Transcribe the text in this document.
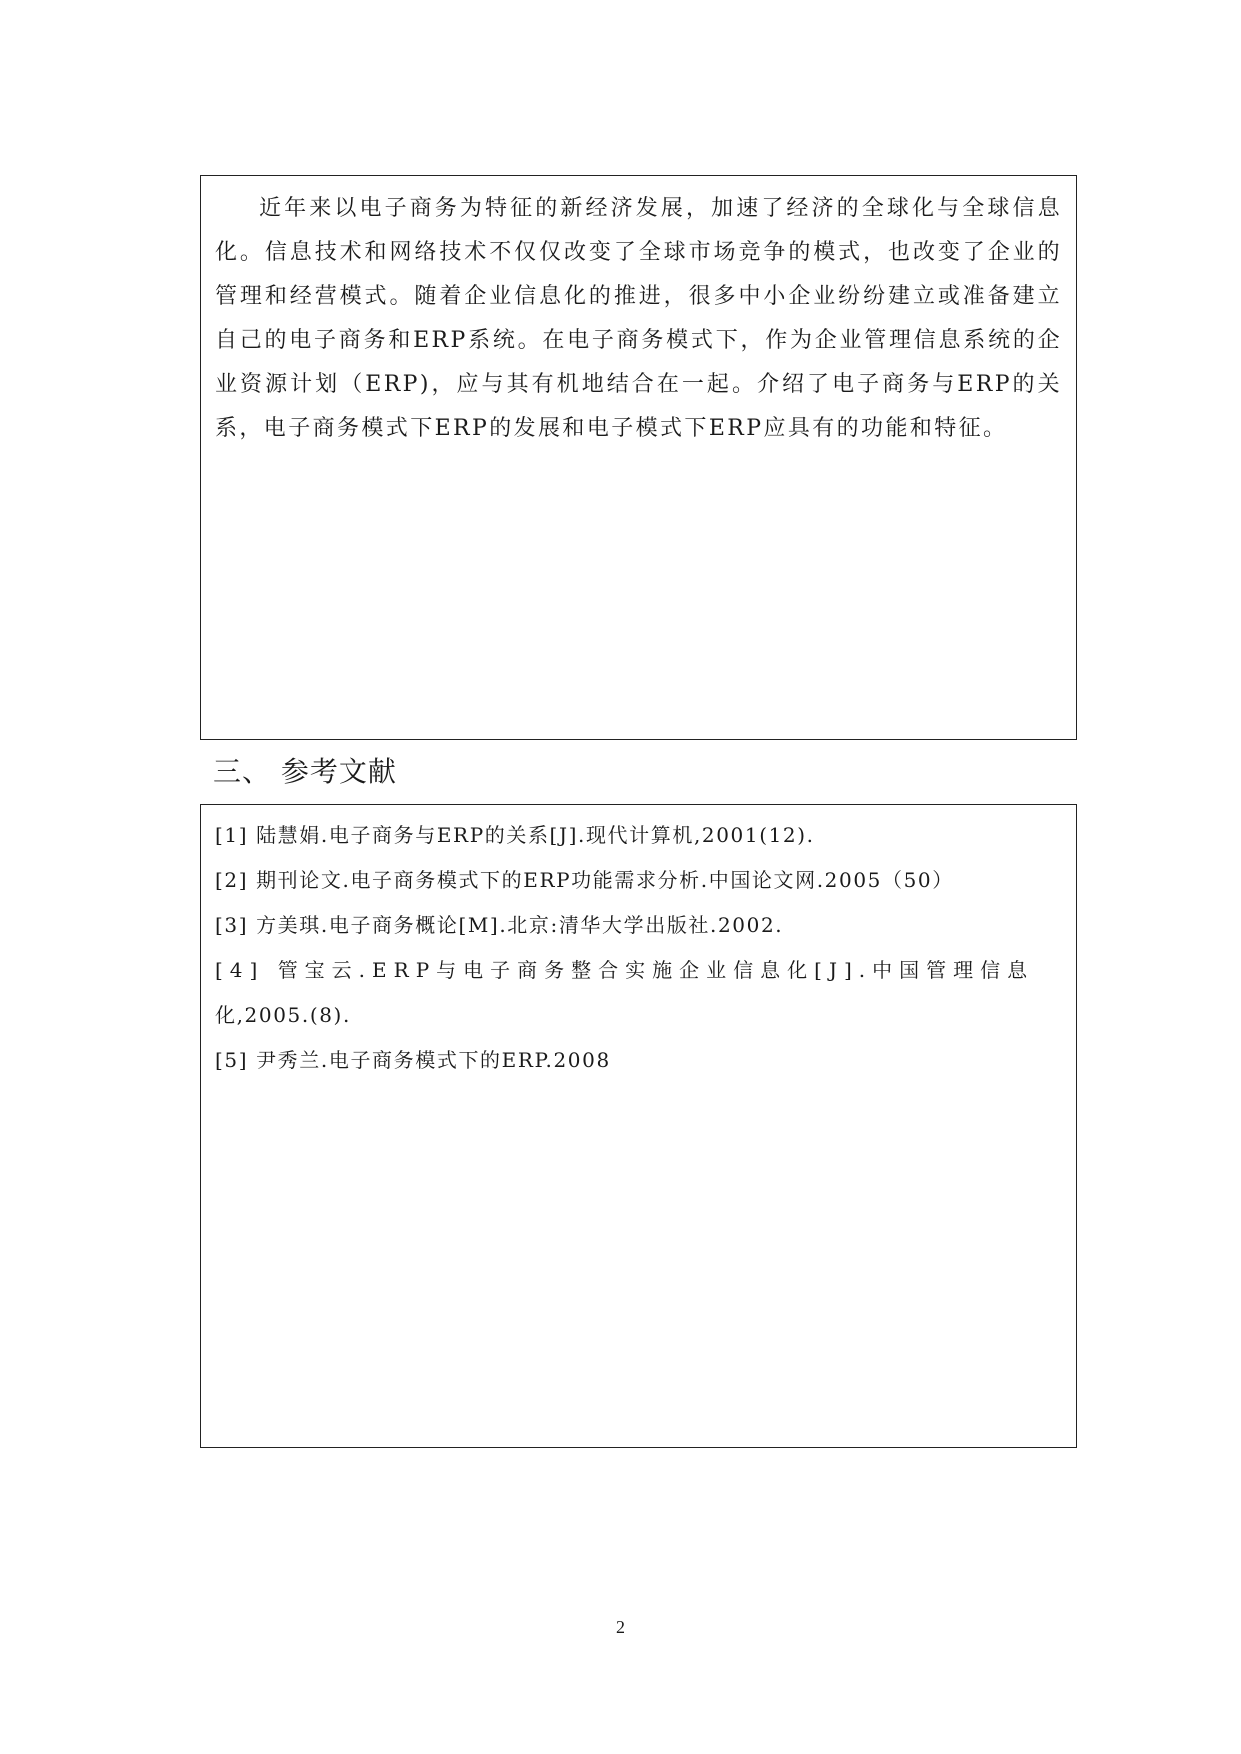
近年来以电子商务为特征的新经济发展，加速了经济的全球化与全球信息化。信息技术和网络技术不仅仅改变了全球市场竞争的模式，也改变了企业的管理和经营模式。随着企业信息化的推进，很多中小企业纷纷建立或准备建立自己的电子商务和ERP系统。在电子商务模式下，作为企业管理信息系统的企业资源计划（ERP)，应与其有机地结合在一起。介绍了电子商务与ERP的关系，电子商务模式下ERP的发展和电子模式下ERP应具有的功能和特征。

三、 参考文献
[1] 陆慧娟.电子商务与ERP的关系[J].现代计算机,2001(12).
[2] 期刊论文.电子商务模式下的ERP功能需求分析.中国论文网.2005（50）
[3] 方美琪.电子商务概论[M].北京:清华大学出版社.2002.
[4] 管宝云.ERP与电子商务整合实施企业信息化[J].中国管理信息
化,2005.(8).
[5] 尹秀兰.电子商务模式下的ERP.2008
2
